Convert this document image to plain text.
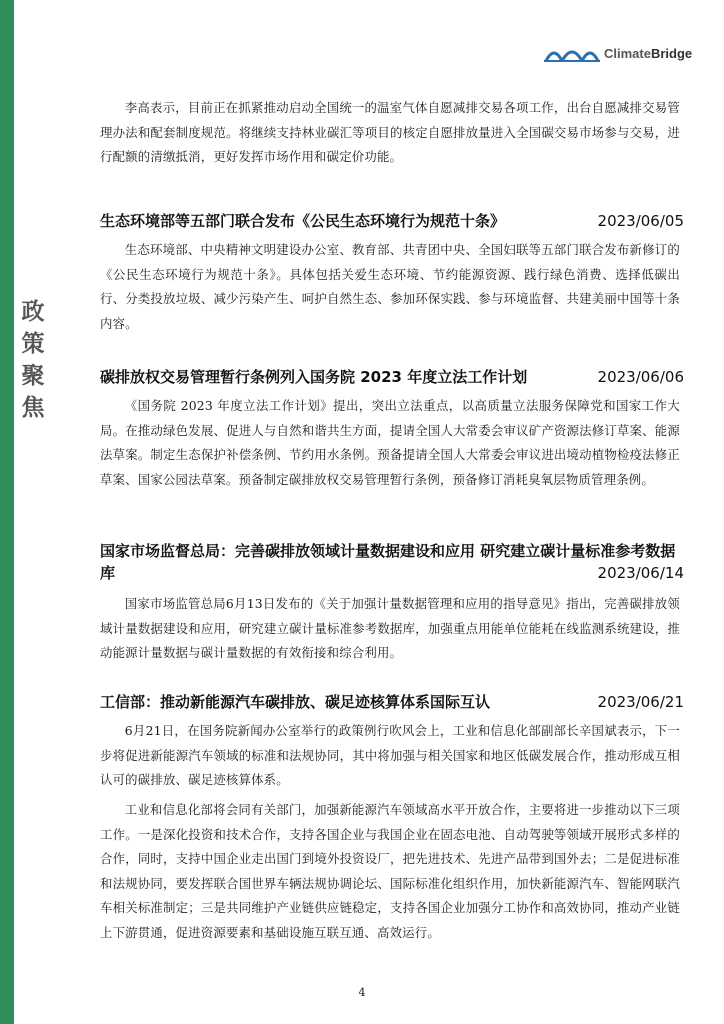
政策聚焦
ClimateBridge

李高表示，目前正在抓紧推动启动全国统一的温室气体自愿减排交易各项工作，出台自愿减排交易管理办法和配套制度规范。将继续支持林业碳汇等项目的核定自愿排放量进入全国碳交易市场参与交易，进行配额的清缴抵消，更好发挥市场作用和碳定价功能。

生态环境部等五部门联合发布《公民生态环境行为规范十条》	2023/06/05

生态环境部、中央精神文明建设办公室、教育部、共青团中央、全国妇联等五部门联合发布新修订的《公民生态环境行为规范十条》。具体包括关爱生态环境、节约能源资源、践行绿色消费、选择低碳出行、分类投放垃圾、减少污染产生、呵护自然生态、参加环保实践、参与环境监督、共建美丽中国等十条内容。

碳排放权交易管理暂行条例列入国务院 2023 年度立法工作计划	2023/06/06

《国务院 2023 年度立法工作计划》提出，突出立法重点，以高质量立法服务保障党和国家工作大局。在推动绿色发展、促进人与自然和谐共生方面，提请全国人大常委会审议矿产资源法修订草案、能源法草案。制定生态保护补偿条例、节约用水条例。预备提请全国人大常委会审议进出境动植物检疫法修正草案、国家公园法草案。预备制定碳排放权交易管理暂行条例，预备修订消耗臭氧层物质管理条例。

国家市场监督总局：完善碳排放领域计量数据建设和应用 研究建立碳计量标准参考数据库	2023/06/14

国家市场监管总局6月13日发布的《关于加强计量数据管理和应用的指导意见》指出，完善碳排放领域计量数据建设和应用，研究建立碳计量标准参考数据库，加强重点用能单位能耗在线监测系统建设，推动能源计量数据与碳计量数据的有效衔接和综合利用。

工信部：推动新能源汽车碳排放、碳足迹核算体系国际互认	2023/06/21

6月21日，在国务院新闻办公室举行的政策例行吹风会上，工业和信息化部副部长辛国斌表示，下一步将促进新能源汽车领域的标准和法规协同，其中将加强与相关国家和地区低碳发展合作，推动形成互相认可的碳排放、碳足迹核算体系。

工业和信息化部将会同有关部门，加强新能源汽车领域高水平开放合作，主要将进一步推动以下三项工作。一是深化投资和技术合作，支持各国企业与我国企业在固态电池、自动驾驶等领域开展形式多样的合作，同时，支持中国企业走出国门到境外投资设厂，把先进技术、先进产品带到国外去；二是促进标准和法规协同，要发挥联合国世界车辆法规协调论坛、国际标准化组织作用，加快新能源汽车、智能网联汽车相关标准制定；三是共同维护产业链供应链稳定，支持各国企业加强分工协作和高效协同，推动产业链上下游贯通，促进资源要素和基础设施互联互通、高效运行。

4
